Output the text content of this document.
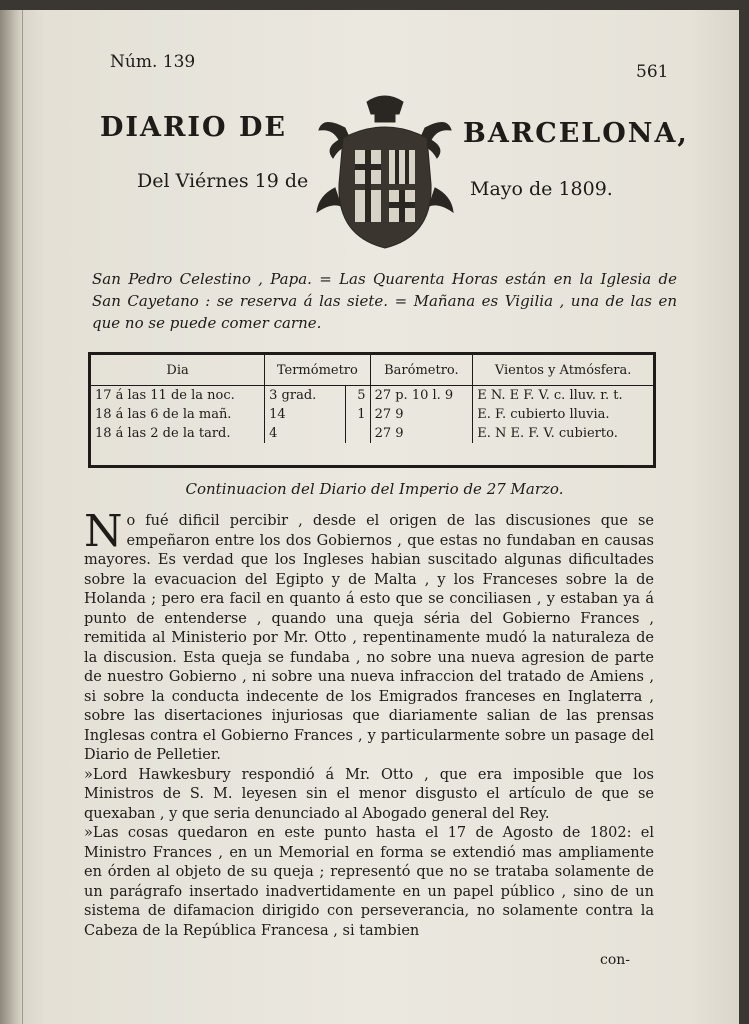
Núm. 139	561
DIARIO DE	BARCELONA,
Del Viérnes 19 de	Mayo de 1809.
San Pedro Celestino , Papa. = Las Quarenta Horas están en la Iglesia de San Cayetano : se reserva á las siete. = Mañana es Vigilia , una de las en que no se puede comer carne.
Dia	Termómetro		Barómetro.	Vientos y Atmósfera.
17 á las 11 de la noc.	3 grad.	5	27 p. 10 l. 9	E N. E F. V. c. lluv. r. t.
18 á las 6 de la mañ.	14	1	27 9	E. F. cubierto lluvia.
18 á las 2 de la tard.	4		27 9	E. N E. F. V. cubierto.
Continuacion del Diario del Imperio de 27 Marzo.

No fué dificil percibir , desde el origen de las discusiones que se empeñaron entre los dos Gobiernos , que estas no fundaban en causas mayores. Es verdad que los Ingleses habian suscitado algunas dificultades sobre la evacuacion del Egipto y de Malta , y los Franceses sobre la de Holanda ; pero era facil en quanto á esto que se conciliasen , y estaban ya á punto de entenderse , quando una queja séria del Gobierno Frances , remitida al Ministerio por Mr. Otto , repentinamente mudó la naturaleza de la discusion. Esta queja se fundaba , no sobre una nueva agresion de parte de nuestro Gobierno , ni sobre una nueva infraccion del tratado de Amiens , si sobre la conducta indecente de los Emigrados franceses en Inglaterra , sobre las disertaciones injuriosas que diariamente salian de las prensas Inglesas contra el Gobierno Frances , y particularmente sobre un pasage del Diario de Pelletier.

»Lord Hawkesbury respondió á Mr. Otto , que era imposible que los Ministros de S. M. leyesen sin el menor disgusto el artículo de que se quexaban , y que seria denunciado al Abogado general del Rey.

»Las cosas quedaron en este punto hasta el 17 de Agosto de 1802: el Ministro Frances , en un Memorial en forma se extendió mas ampliamente en órden al objeto de su queja ; representó que no se trataba solamente de un parágrafo insertado inadvertidamente en un papel público , sino de un sistema de difamacion dirigido con perseverancia, no solamente contra la Cabeza de la República Francesa , si tambien

con-
